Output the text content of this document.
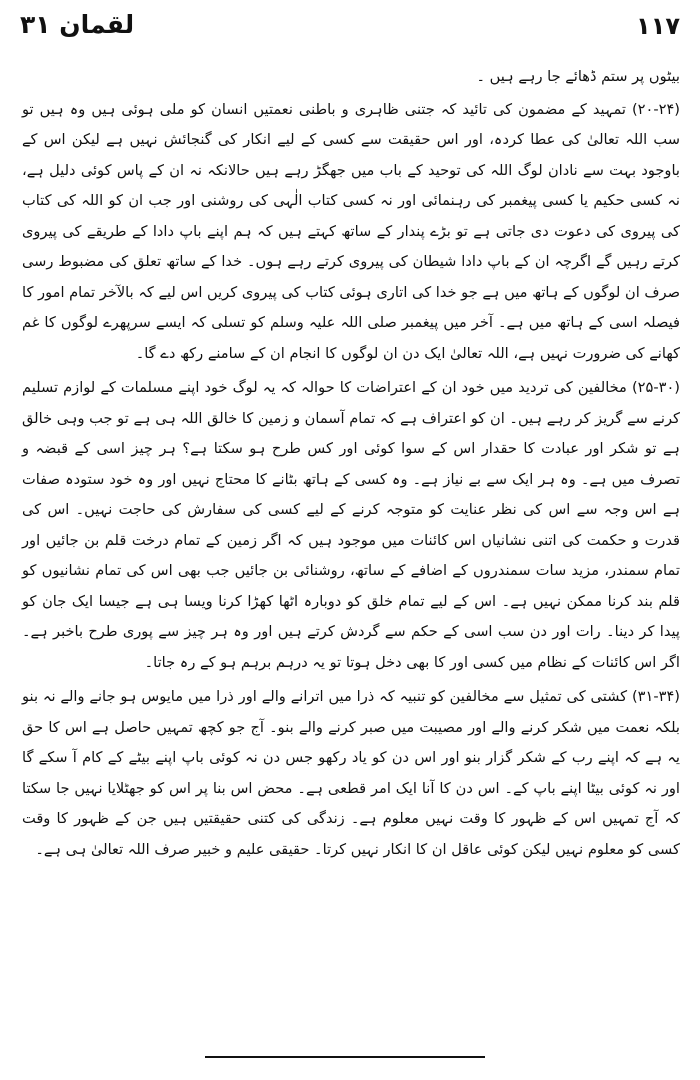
۱۱۷
لقمان ۳۱

بیٹوں پر ستم ڈھائے جا رہے ہیں ۔

(۲۰-۲۴) تمہید کے مضمون کی تائید کہ جتنی ظاہری و باطنی نعمتیں انسان کو ملی ہوئی ہیں وہ ہیں تو سب اللہ تعالیٰ کی عطا کردہ، اور اس حقیقت سے کسی کے لیے انکار کی گنجائش نہیں ہے لیکن اس کے باوجود بہت سے نادان لوگ اللہ کی توحید کے باب میں جھگڑ رہے ہیں حالانکہ نہ ان کے پاس کوئی دلیل ہے، نہ کسی حکیم یا کسی پیغمبر کی رہنمائی اور نہ کسی کتاب الٰہی کی روشنی اور جب ان کو اللہ کی کتاب کی پیروی کی دعوت دی جاتی ہے تو بڑے پندار کے ساتھ کہتے ہیں کہ ہم اپنے باپ دادا کے طریقے کی پیروی کرتے رہیں گے اگرچہ ان کے باپ دادا شیطان کی پیروی کرتے رہے ہوں۔ خدا کے ساتھ تعلق کی مضبوط رسی صرف ان لوگوں کے ہاتھ میں ہے جو خدا کی اتاری ہوئی کتاب کی پیروی کریں اس لیے کہ بالآخر تمام امور کا فیصلہ اسی کے ہاتھ میں ہے۔ آخر میں پیغمبر صلی اللہ علیہ وسلم کو تسلی کہ ایسے سرپھرے لوگوں کا غم کھانے کی ضرورت نہیں ہے، اللہ تعالیٰ ایک دن ان لوگوں کا انجام ان کے سامنے رکھ دے گا۔

(۲۵-۳۰) مخالفین کی تردید میں خود ان کے اعتراضات کا حوالہ کہ یہ لوگ خود اپنے مسلمات کے لوازم تسلیم کرنے سے گریز کر رہے ہیں۔ ان کو اعتراف ہے کہ تمام آسمان و زمین کا خالق اللہ ہی ہے تو جب وہی خالق ہے تو شکر اور عبادت کا حقدار اس کے سوا کوئی اور کس طرح ہو سکتا ہے؟ ہر چیز اسی کے قبضہ و تصرف میں ہے۔ وہ ہر ایک سے بے نیاز ہے۔ وہ کسی کے ہاتھ بٹانے کا محتاج نہیں اور وہ خود ستودہ صفات ہے اس وجہ سے اس کی نظر عنایت کو متوجہ کرنے کے لیے کسی کی سفارش کی حاجت نہیں۔ اس کی قدرت و حکمت کی اتنی نشانیاں اس کائنات میں موجود ہیں کہ اگر زمین کے تمام درخت قلم بن جائیں اور تمام سمندر، مزید سات سمندروں کے اضافے کے ساتھ، روشنائی بن جائیں جب بھی اس کی تمام نشانیوں کو قلم بند کرنا ممکن نہیں ہے۔ اس کے لیے تمام خلق کو دوبارہ اٹھا کھڑا کرنا ویسا ہی ہے جیسا ایک جان کو پیدا کر دینا۔ رات اور دن سب اسی کے حکم سے گردش کرتے ہیں اور وہ ہر چیز سے پوری طرح باخبر ہے۔ اگر اس کائنات کے نظام میں کسی اور کا بھی دخل ہوتا تو یہ درہم برہم ہو کے رہ جاتا۔

(۳۱-۳۴) کشتی کی تمثیل سے مخالفین کو تنبیہ کہ ذرا میں اترانے والے اور ذرا میں مایوس ہو جانے والے نہ بنو بلکہ نعمت میں شکر کرنے والے اور مصیبت میں صبر کرنے والے بنو۔ آج جو کچھ تمہیں حاصل ہے اس کا حق یہ ہے کہ اپنے رب کے شکر گزار بنو اور اس دن کو یاد رکھو جس دن نہ کوئی باپ اپنے بیٹے کے کام آ سکے گا اور نہ کوئی بیٹا اپنے باپ کے۔ اس دن کا آنا ایک امر قطعی ہے۔ محض اس بنا پر اس کو جھٹلایا نہیں جا سکتا کہ آج تمہیں اس کے ظہور کا وقت نہیں معلوم ہے۔ زندگی کی کتنی حقیقتیں ہیں جن کے ظہور کا وقت کسی کو معلوم نہیں لیکن کوئی عاقل ان کا انکار نہیں کرتا۔ حقیقی علیم و خبیر صرف اللہ تعالیٰ ہی ہے۔
